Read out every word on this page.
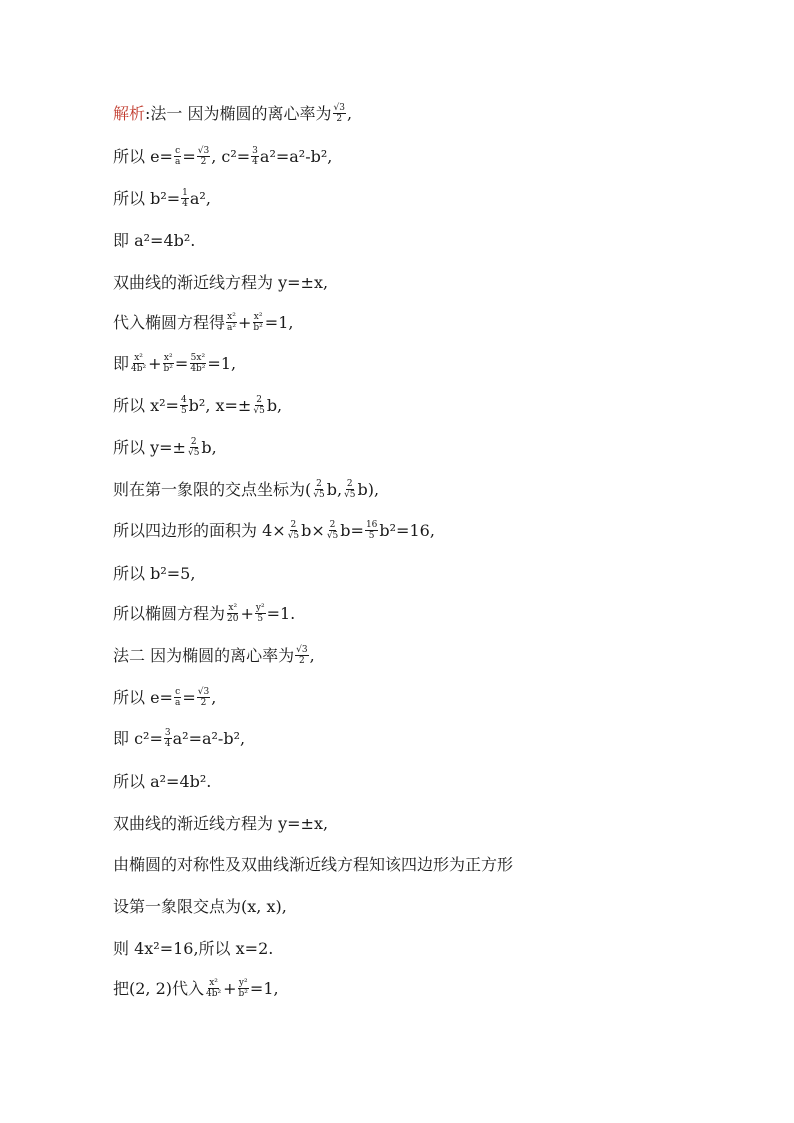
解析 :法一 因为椭圆的离心率为 $\frac{√3}{2}$ ,
所以 $e= \frac{c}{a} = \frac{√3}{2}$ , $c^2= \frac{3}{4} a^2=a^2-b^2$,
所以 $b^2= \frac{1}{4} a^2$,
即 a²=4b².
双曲线的渐近线方程为 y=±x,
代入椭圆方程得 $\frac{\text{x²}}{\text{a²}} + \frac{\text{x²}}{\text{b²}} =1$,
即 $\frac{\text{x²}}{\text{4b²}} + \frac{\text{x²}}{\text{b²}} = \frac{\text{5x²}}{\text{4b²}} =1$,
所以 $x^2= \frac{4}{5} b^2$, $x=\pm \frac{2}{√5} b$,
所以 $y=\pm \frac{2}{√5} b$,
则在第一象限的交点坐标为( $\frac{2}{√5} b$, $\frac{2}{√5} b$),
所以四边形的面积为 $4\times \frac{2}{√5} b\times \frac{2}{√5} b= \frac{16}{5} b^2=16$,
所以 b²=5,
所以椭圆方程为 $\frac{\text{x²}}{20} + \frac{\text{y²}}{5} =1$.
法二 因为椭圆的离心率为 $\frac{√3}{2}$ ,
所以 $e= \frac{c}{a} = \frac{√3}{2}$ ,
即 $c^2= \frac{3}{4} a^2=a^2-b^2$,
所以 a²=4b².
双曲线的渐近线方程为 y=±x,
由椭圆的对称性及双曲线渐近线方程知该四边形为正方形
设第一象限交点为(x, x),
则 4x²=16,所以 x=2.
把(2, 2)代入 $\frac{\text{x²}}{\text{4b²}} + \frac{\text{y²}}{\text{b²}} =1$,
